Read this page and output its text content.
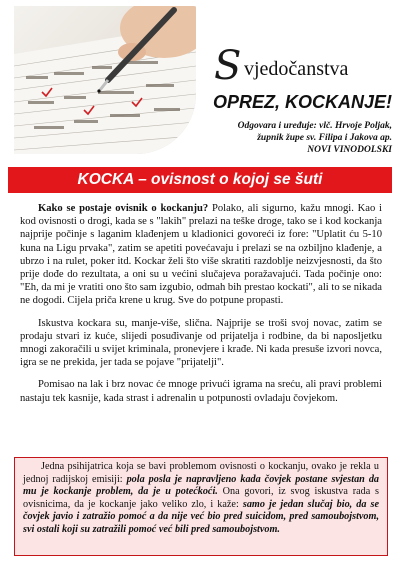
S vjedočanstva
OPREZ, KOCKANJE!
Odgovara i uređuje: vlč. Hrvoje Poljak,
župnik župe sv. Filipa i Jakova ap.
NOVI VINODOLSKI
KOCKA – ovisnost o kojoj se šuti

Kako se postaje ovisnik o kockanju? Polako, ali sigurno, kažu mnogi. Kao i kod ovisnosti o drogi, kada se s "lakih" prelazi na teške droge, tako se i kod kockanja najprije počinje s laganim klađenjem u kladionici govoreći iz fore: "Uplatit ću 5-10 kuna na Ligu prvaka", zatim se apetiti povećavaju i prelazi se na ozbiljno klađenje, a ubrzo i na rulet, poker itd. Kockar želi što više skratiti razdoblje neizvjesnosti, da što prije dođe do rezultata, a oni su u većini slučajeva poražavajući. Tada počinje ono: "Eh, da mi je vratiti ono što sam izgubio, odmah bih prestao kockati", ali to se nikada ne dogodi. Cijela priča krene u krug. Sve do potpune propasti.

Iskustva kockara su, manje-više, slična. Najprije se troši svoj novac, zatim se prodaju stvari iz kuće, slijedi posuđivanje od prijatelja i rodbine, da bi naposljetku mnogi zakoračili u svijet kriminala, pronevjere i krađe. Ni kada presuše izvori novca, igra se ne prekida, jer tada se pojave "prijatelji".

Pomisao na lak i brz novac će mnoge privući igrama na sreću, ali pravi problemi nastaju tek kasnije, kada strast i adrenalin u potpunosti ovladaju čovjekom.

Jedna psihijatrica koja se bavi problemom ovisnosti o kockanju, ovako je rekla u jednoj radijskoj emisiji: pola posla je napravljeno kada čovjek postane svjestan da mu je kockanje problem, da je u potećkoći. Ona govori, iz svog iskustva rada s ovisnicima, da je kockanje jako veliko zlo, i kaže: samo je jedan slučaj bio, da se čovjek javio i zatražio pomoć a da nije već bio pred suicidom, pred samoubojstvom, svi ostali koji su zatražili pomoć već bili pred samoubojstvom.
